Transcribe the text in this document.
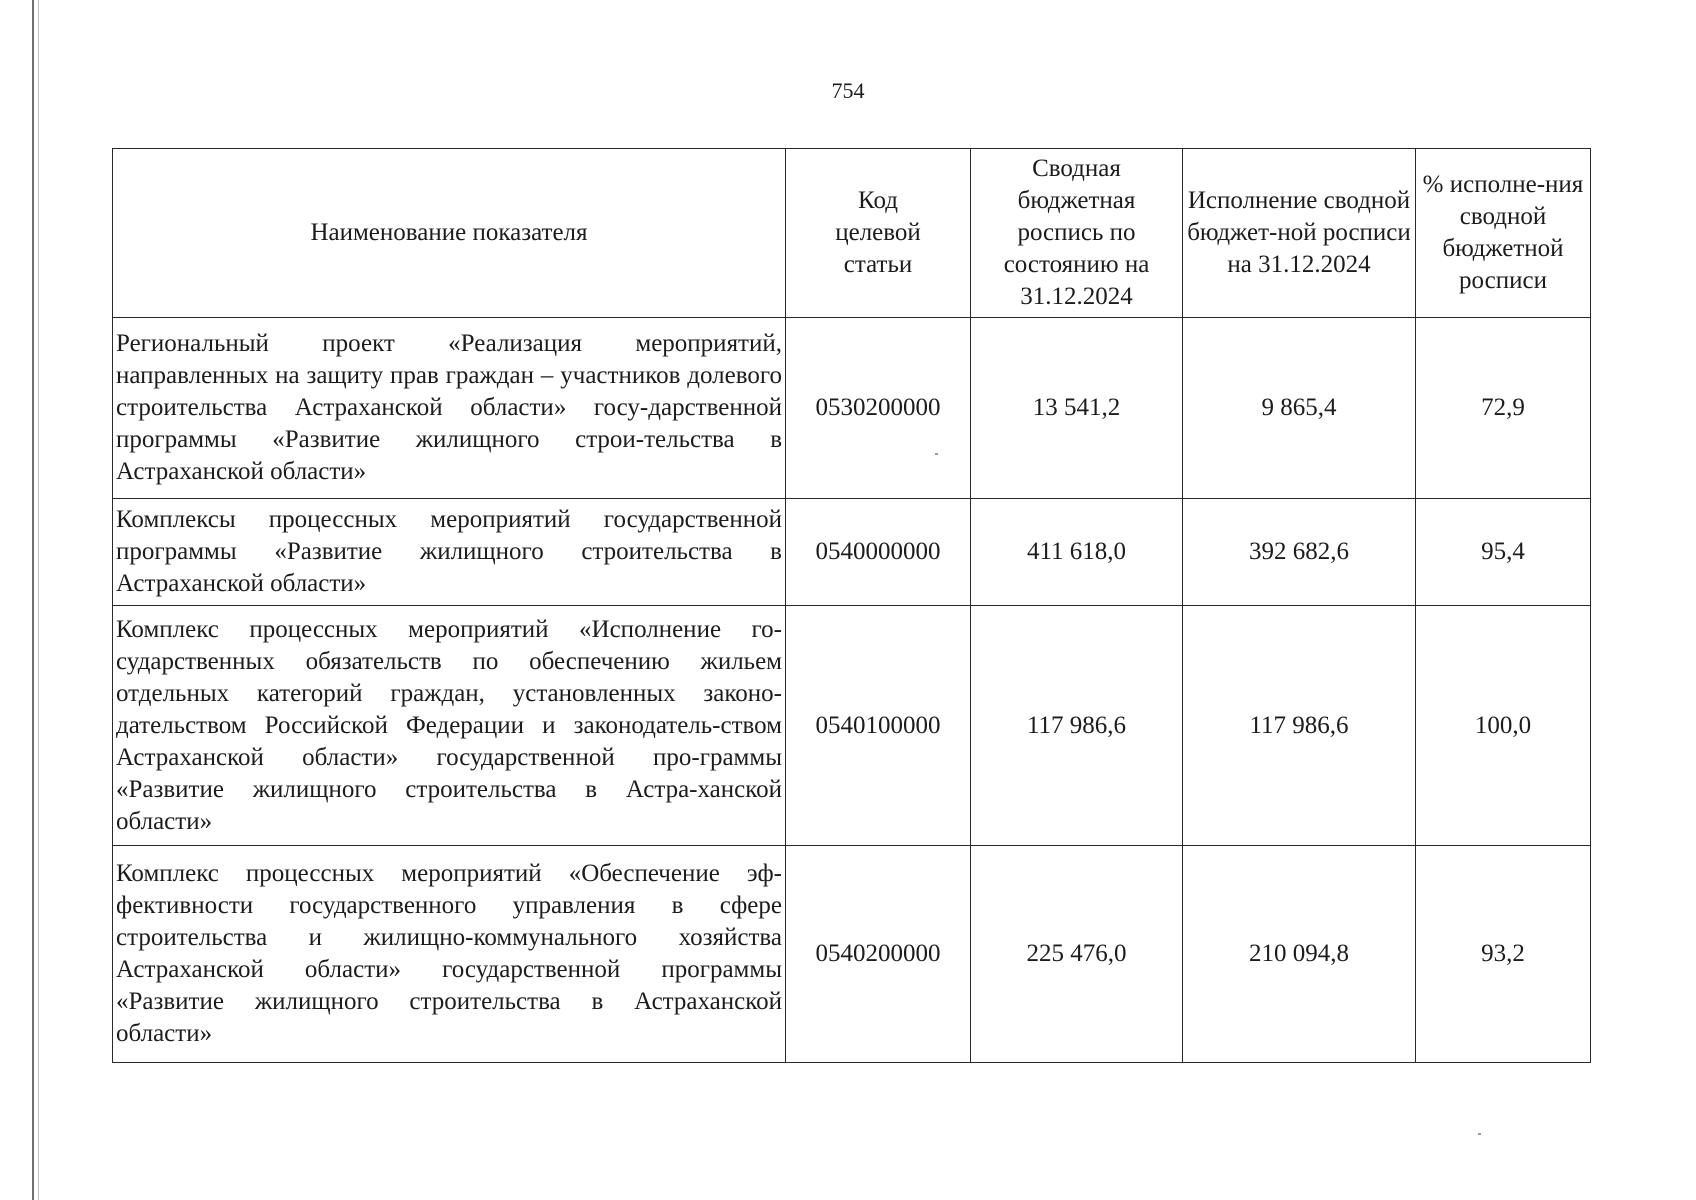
754
Наименование показателя	Код целевой статьи	Сводная бюджетная роспись по состоянию на 31.12.2024	Исполнение сводной бюджет-ной росписи на 31.12.2024	% исполне-ния сводной бюджетной росписи
Региональный проект «Реализация мероприятий, направленных на защиту прав граждан – участников долевого строительства Астраханской области» госу-дарственной программы «Развитие жилищного строи-тельства в Астраханской области»	0530200000	13 541,2	9 865,4	72,9
Комплексы процессных мероприятий государственной программы «Развитие жилищного строительства в Астраханской области»	0540000000	411 618,0	392 682,6	95,4
Комплекс процессных мероприятий «Исполнение го-сударственных обязательств по обеспечению жильем отдельных категорий граждан, установленных законо-дательством Российской Федерации и законодатель-ством Астраханской области» государственной про-граммы «Развитие жилищного строительства в Астра-ханской области»	0540100000	117 986,6	117 986,6	100,0
Комплекс процессных мероприятий «Обеспечение эф-фективности государственного управления в сфере строительства и жилищно-коммунального хозяйства Астраханской области» государственной программы «Развитие жилищного строительства в Астраханской области»	0540200000	225 476,0	210 094,8	93,2
